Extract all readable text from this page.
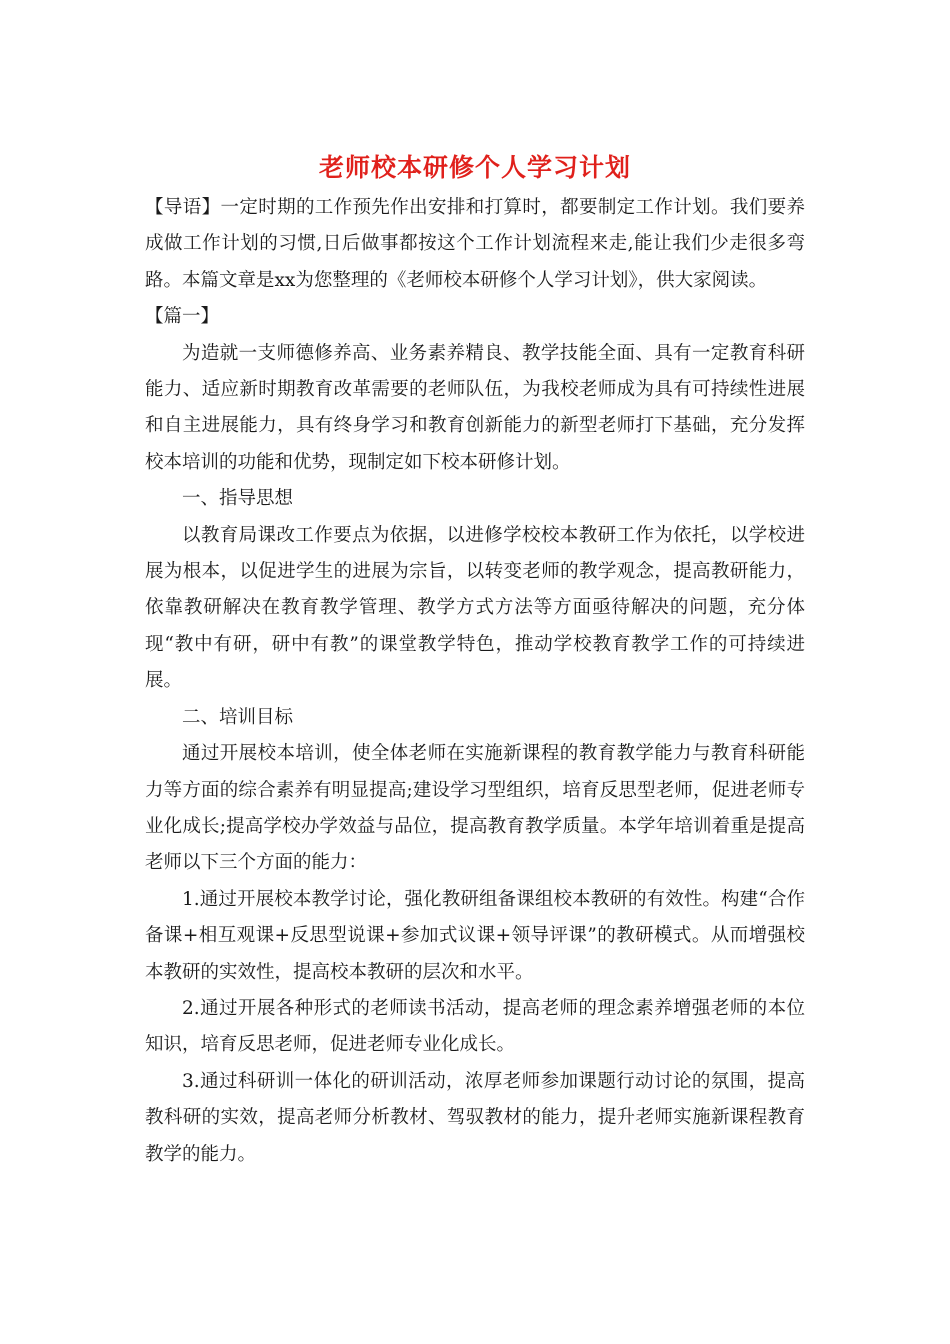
老师校本研修个人学习计划

【导语】一定时期的工作预先作出安排和打算时，都要制定工作计划。我们要养成做工作计划的习惯,日后做事都按这个工作计划流程来走,能让我们少走很多弯路。本篇文章是xx为您整理的《老师校本研修个人学习计划》，供大家阅读。

【篇一】

为造就一支师德修养高、业务素养精良、教学技能全面、具有一定教育科研能力、适应新时期教育改革需要的老师队伍，为我校老师成为具有可持续性进展和自主进展能力，具有终身学习和教育创新能力的新型老师打下基础，充分发挥校本培训的功能和优势，现制定如下校本研修计划。

一、指导思想

以教育局课改工作要点为依据，以进修学校校本教研工作为依托，以学校进展为根本，以促进学生的进展为宗旨，以转变老师的教学观念，提高教研能力，依靠教研解决在教育教学管理、教学方式方法等方面亟待解决的问题，充分体现“教中有研，研中有教”的课堂教学特色，推动学校教育教学工作的可持续进展。

二、培训目标

通过开展校本培训，使全体老师在实施新课程的教育教学能力与教育科研能力等方面的综合素养有明显提高;建设学习型组织，培育反思型老师，促进老师专业化成长;提高学校办学效益与品位，提高教育教学质量。本学年培训着重是提高老师以下三个方面的能力：

1.通过开展校本教学讨论，强化教研组备课组校本教研的有效性。构建“合作备课+相互观课+反思型说课+参加式议课+领导评课”的教研模式。从而增强校本教研的实效性，提高校本教研的层次和水平。

2.通过开展各种形式的老师读书活动，提高老师的理念素养增强老师的本位知识，培育反思老师，促进老师专业化成长。

3.通过科研训一体化的研训活动，浓厚老师参加课题行动讨论的氛围，提高教科研的实效，提高老师分析教材、驾驭教材的能力，提升老师实施新课程教育教学的能力。
